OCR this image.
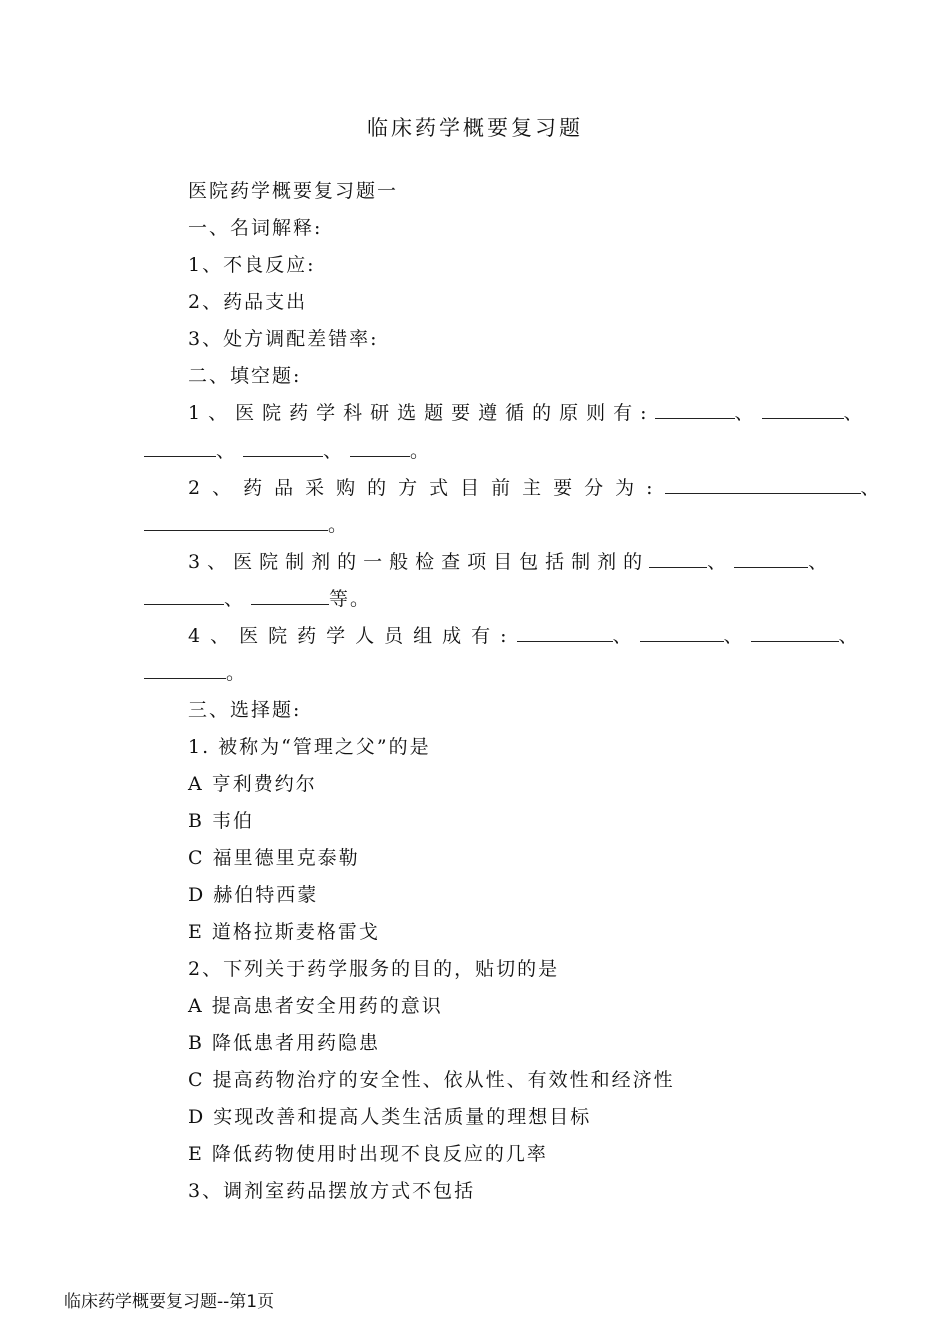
临床药学概要复习题
医院药学概要复习题一
一、名词解释:
1、不良反应:
2、药品支出
3、处方调配差错率:
二、填空题:
1、医院药学科研选题要遵循的原则有:	、	、
、	、	。
2、药品采购的方式目前主要分为:	、
。
3、医院制剂的一般检查项目包括制剂的	、	、
、	等。
4、医院药学人员组成有:	、	、	、
。
三、选择题:
1. 被称为“管理之父”的是
A 亨利费约尔
B 韦伯
C 福里德里克泰勒
D 赫伯特西蒙
E 道格拉斯麦格雷戈
2、下列关于药学服务的目的，贴切的是
A 提高患者安全用药的意识
B 降低患者用药隐患
C 提高药物治疗的安全性、依从性、有效性和经济性
D 实现改善和提高人类生活质量的理想目标
E 降低药物使用时出现不良反应的几率
3、调剂室药品摆放方式不包括
临床药学概要复习题--第1页
